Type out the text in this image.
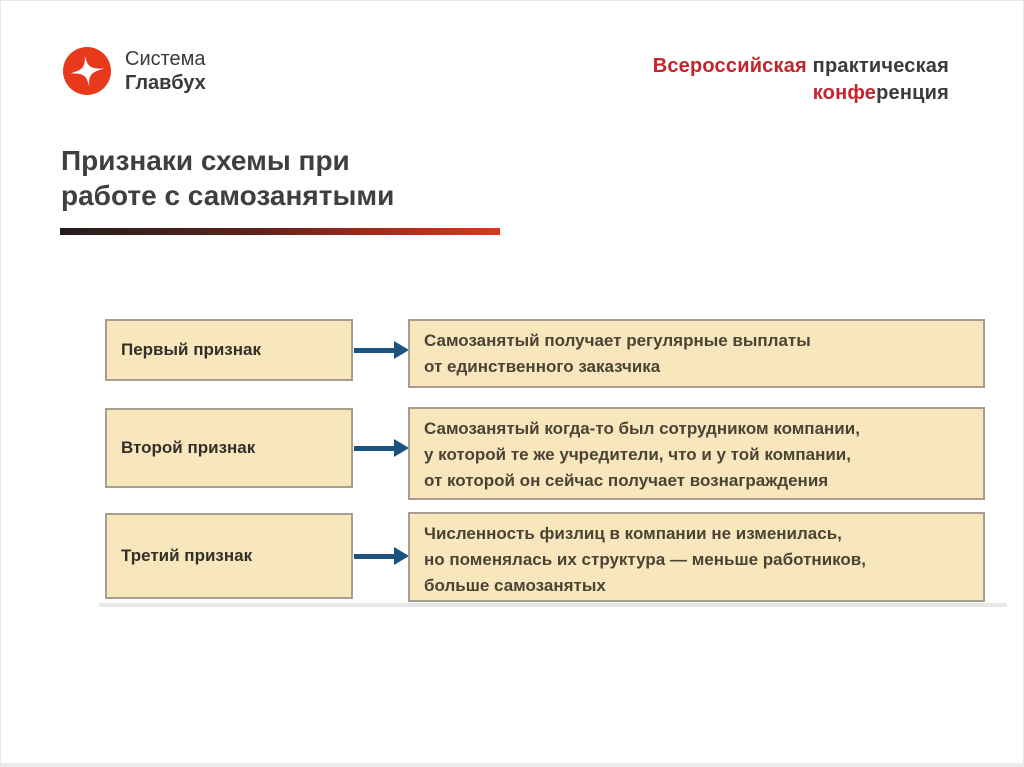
Система
Главбух
Всероссийская практическая
конференция
Признаки схемы при
работе с самозанятыми
Первый признак	Самозанятый получает регулярные выплаты
от единственного заказчика
Второй признак
Самозанятый когда-то был сотрудником компании,
у которой те же учредители, что и у той компании,
от которой он сейчас получает вознаграждения
Третий признак
Численность физлиц в компании не изменилась,
но поменялась их структура — меньше работников,
больше самозанятых
